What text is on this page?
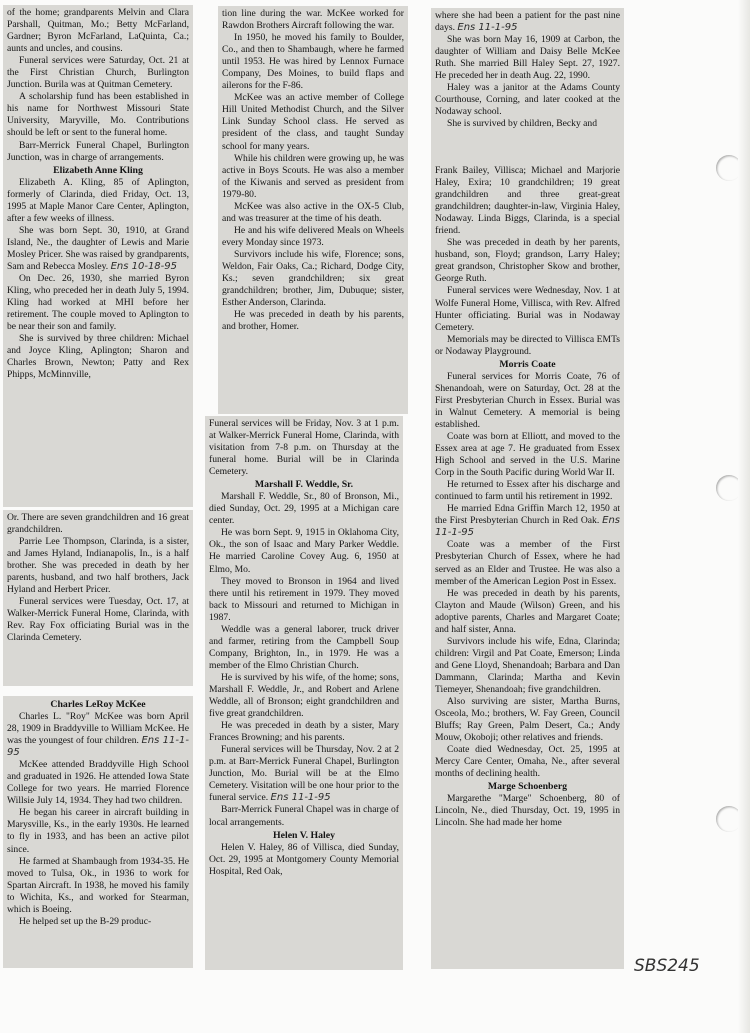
of the home; grandparents Melvin and Clara Parshall, Quitman, Mo.; Betty McFarland, Gardner; Byron McFarland, LaQuinta, Ca.; aunts and uncles, and cousins.

Funeral services were Saturday, Oct. 21 at the First Christian Church, Burlington Junction. Burila was at Quitman Cemetery.

A scholarship fund has been established in his name for Northwest Missouri State University, Maryville, Mo. Contributions should be left or sent to the funeral home.

Barr-Merrick Funeral Chapel, Burlington Junction, was in charge of arrangements.

Elizabeth Anne Kling

Elizabeth A. Kling, 85 of Aplington, formerly of Clarinda, died Friday, Oct. 13, 1995 at Maple Manor Care Center, Aplington, after a few weeks of illness.

She was born Sept. 30, 1910, at Grand Island, Ne., the daughter of Lewis and Marie Mosley Pricer. She was raised by grandparents, Sam and Rebecca Mosley. Ens 10-18-95

On Dec. 26, 1930, she married Byron Kling, who preceded her in death July 5, 1994. Kling had worked at MHI before her retirement. The couple moved to Aplington to be near their son and family.

She is survived by three children: Michael and Joyce Kling, Aplington; Sharon and Charles Brown, Newton; Patty and Rex Phipps, McMinnville,

Or. There are seven grandchildren and 16 great grandchildren.

Parrie Lee Thompson, Clarinda, is a sister, and James Hyland, Indianapolis, In., is a half brother. She was preceded in death by her parents, husband, and two half brothers, Jack Hyland and Herbert Pricer.

Funeral services were Tuesday, Oct. 17, at Walker-Merrick Funeral Home, Clarinda, with Rev. Ray Fox officiating Burial was in the Clarinda Cemetery.

Charles LeRoy McKee

Charles L. "Roy" McKee was born April 28, 1909 in Braddyville to William McKee. He was the youngest of four children. Ens 11-1-95

McKee attended Braddyville High School and graduated in 1926. He attended Iowa State College for two years. He married Florence Willsie July 14, 1934. They had two children.

He began his career in aircraft building in Marysville, Ks., in the early 1930s. He learned to fly in 1933, and has been an active pilot since.

He farmed at Shambaugh from 1934-35. He moved to Tulsa, Ok., in 1936 to work for Spartan Aircraft. In 1938, he moved his family to Wichita, Ks., and worked for Stearman, which is Boeing.

He helped set up the B-29 produc-

tion line during the war. McKee worked for Rawdon Brothers Aircraft following the war.

In 1950, he moved his family to Boulder, Co., and then to Shambaugh, where he farmed until 1953. He was hired by Lennox Furnace Company, Des Moines, to build flaps and ailerons for the F-86.

McKee was an active member of College Hill United Methodist Church, and the Silver Link Sunday School class. He served as president of the class, and taught Sunday school for many years.

While his children were growing up, he was active in Boys Scouts. He was also a member of the Kiwanis and served as president from 1979-80.

McKee was also active in the OX-5 Club, and was treasurer at the time of his death.

He and his wife delivered Meals on Wheels every Monday since 1973.

Survivors include his wife, Florence; sons, Weldon, Fair Oaks, Ca.; Richard, Dodge City, Ks.; seven grandchildren; six great grandchildren; brother, Jim, Dubuque; sister, Esther Anderson, Clarinda.

He was preceded in death by his parents, and brother, Homer.

Funeral services will be Friday, Nov. 3 at 1 p.m. at Walker-Merrick Funeral Home, Clarinda, with visitation from 7-8 p.m. on Thursday at the funeral home. Burial will be in Clarinda Cemetery.

Marshall F. Weddle, Sr.

Marshall F. Weddle, Sr., 80 of Bronson, Mi., died Sunday, Oct. 29, 1995 at a Michigan care center.

He was born Sept. 9, 1915 in Oklahoma City, Ok., the son of Isaac and Mary Parker Weddle. He married Caroline Covey Aug. 6, 1950 at Elmo, Mo.

They moved to Bronson in 1964 and lived there until his retirement in 1979. They moved back to Missouri and returned to Michigan in 1987.

Weddle was a general laborer, truck driver and farmer, retiring from the Campbell Soup Company, Brighton, In., in 1979. He was a member of the Elmo Christian Church.

He is survived by his wife, of the home; sons, Marshall F. Weddle, Jr., and Robert and Arlene Weddle, all of Bronson; eight grandchildren and five great grandchildren.

He was preceded in death by a sister, Mary Frances Browning; and his parents.

Funeral services will be Thursday, Nov. 2 at 2 p.m. at Barr-Merrick Funeral Chapel, Burlington Junction, Mo. Burial will be at the Elmo Cemetery. Visitation will be one hour prior to the funeral service. Ens 11-1-95

Barr-Merrick Funeral Chapel was in charge of local arrangements.

Helen V. Haley

Helen V. Haley, 86 of Villisca, died Sunday, Oct. 29, 1995 at Montgomery County Memorial Hospital, Red Oak,

where she had been a patient for the past nine days. Ens 11-1-95

She was born May 16, 1909 at Carbon, the daughter of William and Daisy Belle McKee Ruth. She married Bill Haley Sept. 27, 1927. He preceded her in death Aug. 22, 1990.

Haley was a janitor at the Adams County Courthouse, Corning, and later cooked at the Nodaway school.

She is survived by children, Becky and

Frank Bailey, Villisca; Michael and Marjorie Haley, Exira; 10 grandchildren; 19 great grandchildren and three great-great grandchildren; daughter-in-law, Virginia Haley, Nodaway. Linda Biggs, Clarinda, is a special friend.

She was preceded in death by her parents, husband, son, Floyd; grandson, Larry Haley; great grandson, Christopher Skow and brother, George Ruth.

Funeral services were Wednesday, Nov. 1 at Wolfe Funeral Home, Villisca, with Rev. Alfred Hunter officiating. Burial was in Nodaway Cemetery.

Memorials may be directed to Villisca EMTs or Nodaway Playground.

Morris Coate

Funeral services for Morris Coate, 76 of Shenandoah, were on Saturday, Oct. 28 at the First Presbyterian Church in Essex. Burial was in Walnut Cemetery. A memorial is being established.

Coate was born at Elliott, and moved to the Essex area at age 7. He graduated from Essex High School and served in the U.S. Marine Corp in the South Pacific during World War II.

He returned to Essex after his discharge and continued to farm until his retirement in 1992.

He married Edna Griffin March 12, 1950 at the First Presbyterian Church in Red Oak. Ens 11-1-95

Coate was a member of the First Presbyterian Church of Essex, where he had served as an Elder and Trustee. He was also a member of the American Legion Post in Essex.

He was preceded in death by his parents, Clayton and Maude (Wilson) Green, and his adoptive parents, Charles and Margaret Coate; and half sister, Anna.

Survivors include his wife, Edna, Clarinda; children: Virgil and Pat Coate, Emerson; Linda and Gene Lloyd, Shenandoah; Barbara and Dan Dammann, Clarinda; Martha and Kevin Tiemeyer, Shenandoah; five grandchildren.

Also surviving are sister, Martha Burns, Osceola, Mo.; brothers, W. Fay Green, Council Bluffs; Ray Green, Palm Desert, Ca.; Andy Mouw, Okoboji; other relatives and friends.

Coate died Wednesday, Oct. 25, 1995 at Mercy Care Center, Omaha, Ne., after several months of declining health.

Marge Schoenberg

Margarethe "Marge" Schoenberg, 80 of Lincoln, Ne., died Thursday, Oct. 19, 1995 in Lincoln. She had made her home

SBS245
